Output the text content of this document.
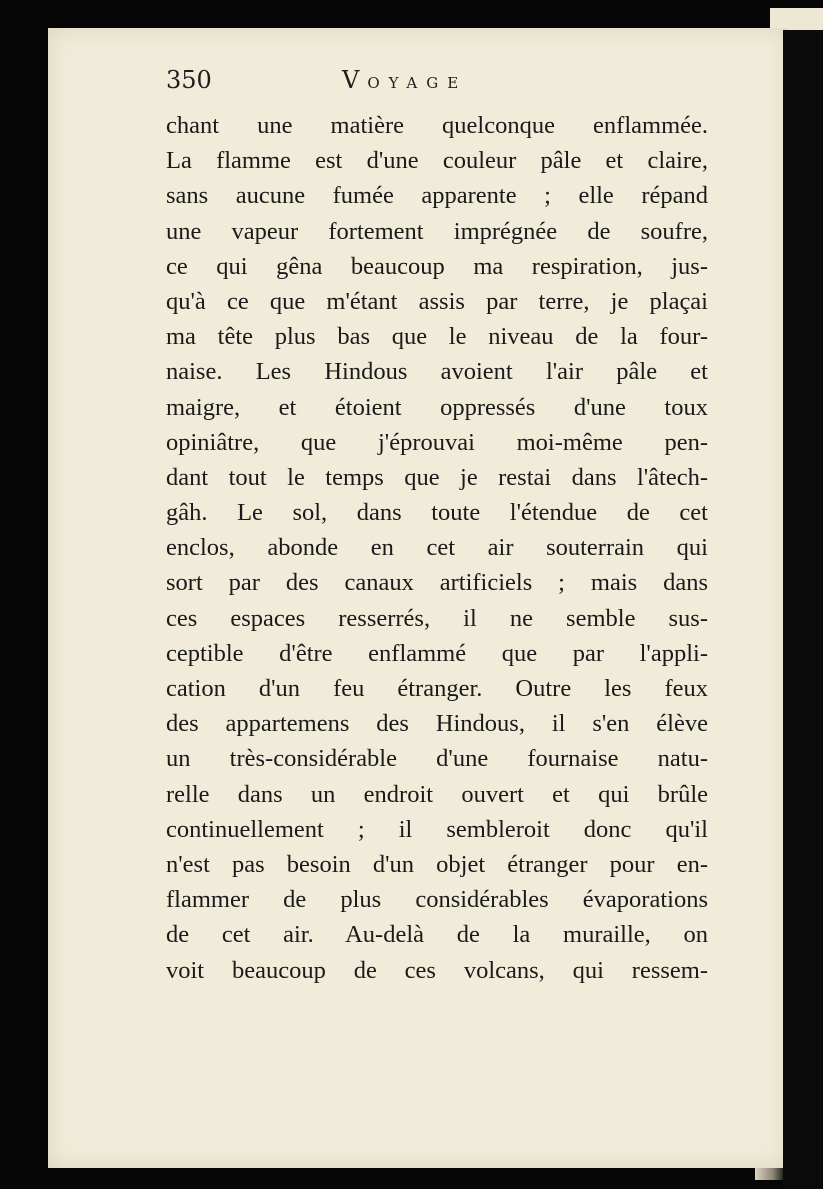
350	VOYAGE
chant une matière quelconque enflammée.
La flamme est d'une couleur pâle et claire,
sans aucune fumée apparente ; elle répand
une vapeur fortement imprégnée de soufre,
ce qui gêna beaucoup ma respiration, jus-
qu'à ce que m'étant assis par terre, je plaçai
ma tête plus bas que le niveau de la four-
naise. Les Hindous avoient l'air pâle et
maigre, et étoient oppressés d'une toux
opiniâtre, que j'éprouvai moi-même pen-
dant tout le temps que je restai dans l'âtech-
gâh. Le sol, dans toute l'étendue de cet
enclos, abonde en cet air souterrain qui
sort par des canaux artificiels ; mais dans
ces espaces resserrés, il ne semble sus-
ceptible d'être enflammé que par l'appli-
cation d'un feu étranger. Outre les feux
des appartemens des Hindous, il s'en élève
un très-considérable d'une fournaise natu-
relle dans un endroit ouvert et qui brûle
continuellement ; il sembleroit donc qu'il
n'est pas besoin d'un objet étranger pour en-
flammer de plus considérables évaporations
de cet air. Au-delà de la muraille, on
voit beaucoup de ces volcans, qui ressem-
